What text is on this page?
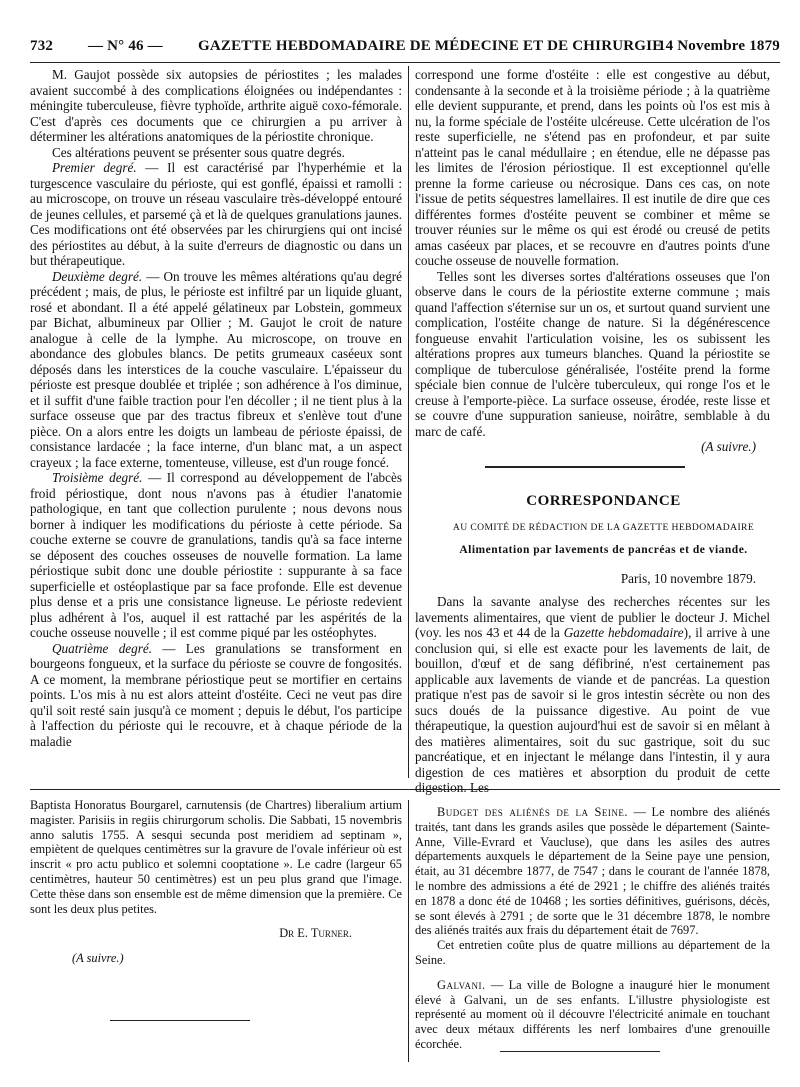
732 — N° 46 — GAZETTE HEBDOMADAIRE DE MÉDECINE ET DE CHIRURGIE
14 Novembre 1879

M. Gaujot possède six autopsies de périostites ; les malades avaient succombé à des complications éloignées ou indépendantes : méningite tuberculeuse, fièvre typhoïde, arthrite aiguë coxo-fémorale. C'est d'après ces documents que ce chirurgien a pu arriver à déterminer les altérations anatomiques de la périostite chronique.

Ces altérations peuvent se présenter sous quatre degrés.

Premier degré. — Il est caractérisé par l'hyperhémie et la turgescence vasculaire du périoste, qui est gonflé, épaissi et ramolli : au microscope, on trouve un réseau vasculaire très-développé entouré de jeunes cellules, et parsemé çà et là de quelques granulations jaunes. Ces modifications ont été observées par les chirurgiens qui ont incisé des périostites au début, à la suite d'erreurs de diagnostic ou dans un but thérapeutique.

Deuxième degré. — On trouve les mêmes altérations qu'au degré précédent ; mais, de plus, le périoste est infiltré par un liquide gluant, rosé et abondant. Il a été appelé gélatineux par Lobstein, gommeux par Bichat, albumineux par Ollier ; M. Gaujot le croit de nature analogue à celle de la lymphe. Au microscope, on trouve en abondance des globules blancs. De petits grumeaux caséeux sont déposés dans les interstices de la couche vasculaire. L'épaisseur du périoste est presque doublée et triplée ; son adhérence à l'os diminue, et il suffit d'une faible traction pour l'en décoller ; il ne tient plus à la surface osseuse que par des tractus fibreux et s'enlève tout d'une pièce. On a alors entre les doigts un lambeau de périoste épaissi, de consistance lardacée ; la face interne, d'un blanc mat, a un aspect crayeux ; la face externe, tomenteuse, villeuse, est d'un rouge foncé.

Troisième degré. — Il correspond au développement de l'abcès froid périostique, dont nous n'avons pas à étudier l'anatomie pathologique, en tant que collection purulente ; nous devons nous borner à indiquer les modifications du périoste à cette période. Sa couche externe se couvre de granulations, tandis qu'à sa face interne se déposent des couches osseuses de nouvelle formation. La lame périostique subit donc une double périostite : suppurante à sa face superficielle et ostéoplastique par sa face profonde. Elle est devenue plus dense et a pris une consistance ligneuse. Le périoste redevient plus adhérent à l'os, auquel il est rattaché par les aspérités de la couche osseuse nouvelle ; il est comme piqué par les ostéophytes.

Quatrième degré. — Les granulations se transforment en bourgeons fongueux, et la surface du périoste se couvre de fongosités. A ce moment, la membrane périostique peut se mortifier en certains points. L'os mis à nu est alors atteint d'ostéite. Ceci ne veut pas dire qu'il soit resté sain jusqu'à ce moment ; depuis le début, l'os participe à l'affection du périoste qui le recouvre, et à chaque période de la maladie

correspond une forme d'ostéite : elle est congestive au début, condensante à la seconde et à la troisième période ; à la quatrième elle devient suppurante, et prend, dans les points où l'os est mis à nu, la forme spéciale de l'ostéite ulcéreuse. Cette ulcération de l'os reste superficielle, ne s'étend pas en profondeur, et par suite n'atteint pas le canal médullaire ; en étendue, elle ne dépasse pas les limites de l'érosion périostique. Il est exceptionnel qu'elle prenne la forme carieuse ou nécrosique. Dans ces cas, on note l'issue de petits séquestres lamellaires. Il est inutile de dire que ces différentes formes d'ostéite peuvent se combiner et même se trouver réunies sur le même os qui est érodé ou creusé de petits amas caséeux par places, et se recouvre en d'autres points d'une couche osseuse de nouvelle formation.

Telles sont les diverses sortes d'altérations osseuses que l'on observe dans le cours de la périostite externe commune ; mais quand l'affection s'éternise sur un os, et surtout quand survient une complication, l'ostéite change de nature. Si la dégénérescence fongueuse envahit l'articulation voisine, les os subissent les altérations propres aux tumeurs blanches. Quand la périostite se complique de tuberculose généralisée, l'ostéite prend la forme spéciale bien connue de l'ulcère tuberculeux, qui ronge l'os et le creuse à l'emporte-pièce. La surface osseuse, érodée, reste lisse et se couvre d'une suppuration sanieuse, noirâtre, semblable à du marc de café.

(A suivre.)

CORRESPONDANCE

AU COMITÉ DE RÉDACTION DE LA GAZETTE HEBDOMADAIRE

Alimentation par lavements de pancréas et de viande.

Paris, 10 novembre 1879.

Dans la savante analyse des recherches récentes sur les lavements alimentaires, que vient de publier le docteur J. Michel (voy. les nos 43 et 44 de la Gazette hebdomadaire), il arrive à une conclusion qui, si elle est exacte pour les lavements de lait, de bouillon, d'œuf et de sang défibriné, n'est certainement pas applicable aux lavements de viande et de pancréas. La question pratique n'est pas de savoir si le gros intestin sécrète ou non des sucs doués de la puissance digestive. Au point de vue thérapeutique, la question aujourd'hui est de savoir si en mêlant à des matières alimentaires, soit du suc gastrique, soit du suc pancréatique, et en injectant le mélange dans l'intestin, il y aura digestion de ces matières et absorption du produit de cette digestion. Les

Baptista Honoratus Bourgarel, carnutensis (de Chartres) liberalium artium magister. Parisiis in regiis chirurgorum scholis. Die Sabbati, 15 novembris anno salutis 1755. A sesqui secunda post meridiem ad septinam », empiètent de quelques centimètres sur la gravure de l'ovale inférieur où est inscrit « pro actu publico et solemni cooptatione ». Le cadre (largeur 65 centimètres, hauteur 50 centimètres) est un peu plus grand que l'image. Cette thèse dans son ensemble est de même dimension que la première. Ce sont les deux plus petites.

Dr E. Turner.

(A suivre.)

Budget des aliénés de la Seine. — Le nombre des aliénés traités, tant dans les grands asiles que possède le département (Sainte-Anne, Ville-Evrard et Vaucluse), que dans les asiles des autres départements auxquels le département de la Seine paye une pension, était, au 31 décembre 1877, de 7547 ; dans le courant de l'année 1878, le nombre des admissions a été de 2921 ; le chiffre des aliénés traités en 1878 a donc été de 10468 ; les sorties définitives, guérisons, décès, se sont élevés à 2791 ; de sorte que le 31 décembre 1878, le nombre des aliénés traités aux frais du département était de 7697.

Cet entretien coûte plus de quatre millions au département de la Seine.

Galvani. — La ville de Bologne a inauguré hier le monument élevé à Galvani, un de ses enfants. L'illustre physiologiste est représenté au moment où il découvre l'électricité animale en touchant avec deux métaux différents les nerf lombaires d'une grenouille écorchée.
